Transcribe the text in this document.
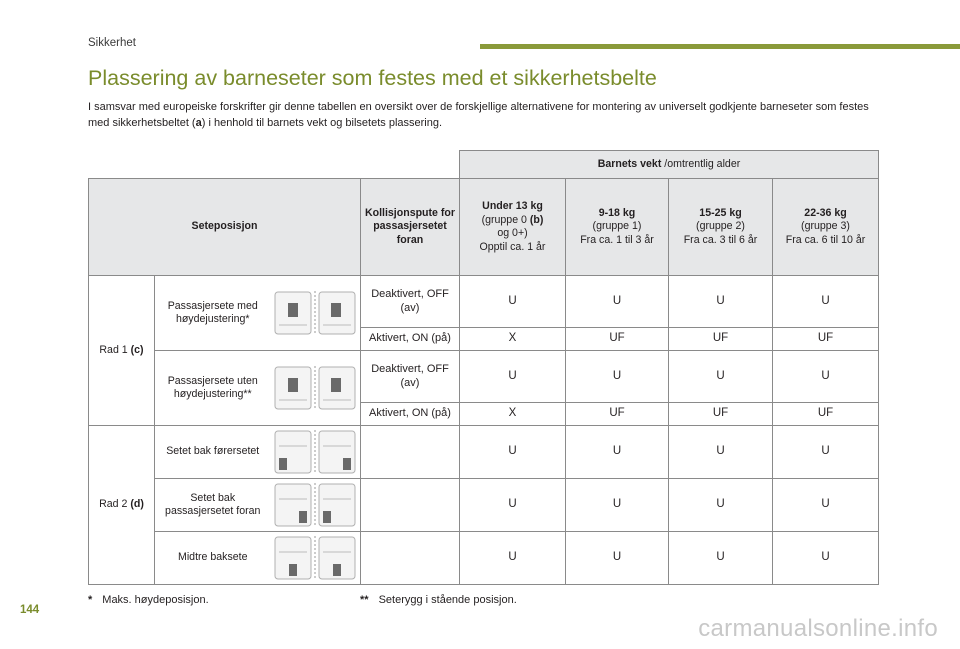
Sikkerhet
Plassering av barneseter som festes med et sikkerhetsbelte

I samsvar med europeiske forskrifter gir denne tabellen en oversikt over de forskjellige alternativene for montering av universelt godkjente barneseter som festes med sikkerhetsbeltet (a) i henhold til barnets vekt og bilsetets plassering.

				Barnets vekt /omtrentlig alder			
Seteposisjon			Kollisjonspute for passasjersetet foran	Under 13 kg
(gruppe 0 (b)
og 0+)
Opptil ca. 1 år	9-18 kg
(gruppe 1)
Fra ca. 1 til 3 år	15-25 kg
(gruppe 2)
Fra ca. 3 til 6 år	22-36 kg
(gruppe 3)
Fra ca. 6 til 10 år
Rad 1 (c)	Passasjersete med høydejustering*		Deaktivert, OFF (av)	U	U	U	U
			Aktivert, ON (på)	X	UF	UF	UF
	Passasjersete uten høydejustering**		Deaktivert, OFF (av)	U	U	U	U
			Aktivert, ON (på)	X	UF	UF	UF
Rad 2 (d)	Setet bak førersetet			U	U	U	U
	Setet bak passasjersetet foran			U	U	U	U
	Midtre baksete			U	U	U	U
* Maks. høydeposisjon.	** Seterygg i stående posisjon.
144
carmanualsonline.info
